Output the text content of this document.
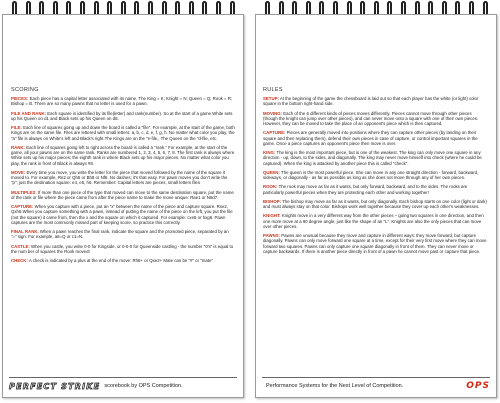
SCORING

PIECES: Each piece has a capital letter associated with its name. The King = K; Knight = N; Queen = Q; Rook = R; Bishop = B. There are so many pawns that no letter is used for a pawn.

FILE AND RANK: Each square is identified by its file(letter) and rank(number). So at the start of a game White sets up his Queen on d1 and Black sets up his Queen on d8.

FILE: Each line of squares going up and down the board is called a "file". For example, at the start of the game, both Kings are on the same file. Files are lettered with small letters: a, b, c, d, e, f, g, h. No matter what color you play, the "a" file is always on White's left and Black's right.The Kings are on the "e-file,, The Queen on the "d-file, etc.

RANK: Each line of squares going left to right across the board is called a "rank." For example, at the start of the game, all your pawns are on the same rank. Ranks are numbered 1, 2, 3, 4, 5, 6, 7, 8. The first rank is always where White sets up his major pieces; the eighth rank is where Black sets up his major pieces. No matter what color you play, the rank in front of Black is always #8.

MOVE: Every time you move, you write the letter for the piece that moved followed by the name of the square it moved to. For example, Re2 or Qh5 or Bh8 or Nf6. No dashes; it's that easy. For pawn moves you don't write the "p"; just the destination square: e4, e5, h6. Remember: Capital letters are pieces, small letters files

MULTIPLES: If more than one piece of the type that moved can move to the same destination square, put the name of the rank or file where the piece came from after the piece name to make the move unique: Rae1 or N8d7.

CAPTURE: When you capture with a piece, put an "x" between the name of the piece and capture square. Rxe2, Qxh5.When you capture something with a pawn, instead of putting the name of the piece on the left, you put the file (not the square) it came from, then the x and the square on which it captured. For example: cxe5 or hxg6. Pawn captures are the most commonly missed part of keeping score, so practice this correctly.

FINAL RANK. When a pawn reaches the final rank, indicate the square and the promoted piece, separated by an "=" sign. For example, a8=Q or c1=N.

CASTLE: When you castle, you write 0-0 for Kingside, or 0-0-0 for Queenside castling - the number "0's" is equal to the num ber of squares the Rook moved!

CHECK: A check is indicated by a plus at the end of the move: Rh8+ or Qxe2+ Mate can be "#" or "mate"

PERFECT STRIKE scorebook by OPS Competition.
RULES

SETUP: At the beginning of the game the chessboard is laid out so that each player has the white (or light) color square in the bottom right-hand side.

MOVING: Each of the 6 different kinds of pieces moves differently. Pieces cannot move through other pieces (though the knight can jump over other pieces), and can never move onto a square with one of their own pieces. However, they can be moved to take the place of an opponent's piece which is then captured.

CAPTURE: Pieces are generally moved into positions where they can capture other pieces (by landing on their square and then replacing them), defend their own pieces in case of capture, or control important squares in the game. Once a piece captures an opponent's piece then move is over.

KING: The king is the most important piece, but is one of the weakest. The king can only move one square in any direction - up, down, to the sides, and diagonally. The king may never move himself into check (where he could be captured). When the king is attacked by another piece this is called "check".

QUEEN: The queen is the most powerful piece. She can move in any one straight direction - forward, backward, sideways, or diagonally - as far as possible as long as she does not move through any of her own pieces.

ROOK: The rook may move as far as it wants, but only forward, backward, and to the sides. The rooks are particularly powerful pieces when they are protecting each other and working together!

BISHOP: The bishop may move as far as it wants, but only diagonally. Each bishop starts on one color (light or dark) and must always stay on that color. Bishops work well together because they cover up each other's weaknesses.

KNIGHT: Knights move in a very different way from the other pieces – going two squares in one direction, and then one more move at a 90 degree angle, just like the shape of an "L". Knights are also the only pieces that can move over other pieces.

PAWNS: Pawns are unusual because they move and capture in different ways: they move forward, but capture diagonally. Pawns can only move forward one square at a time, except for their very first move where they can move forward two squares. Pawns can only capture one square diagonally in front of them. They can never move or capture backwards. If there is another piece directly in front of a pawn he cannot move past or capture that piece.

Performance Systems for the Next Level of Competition.	OPS
